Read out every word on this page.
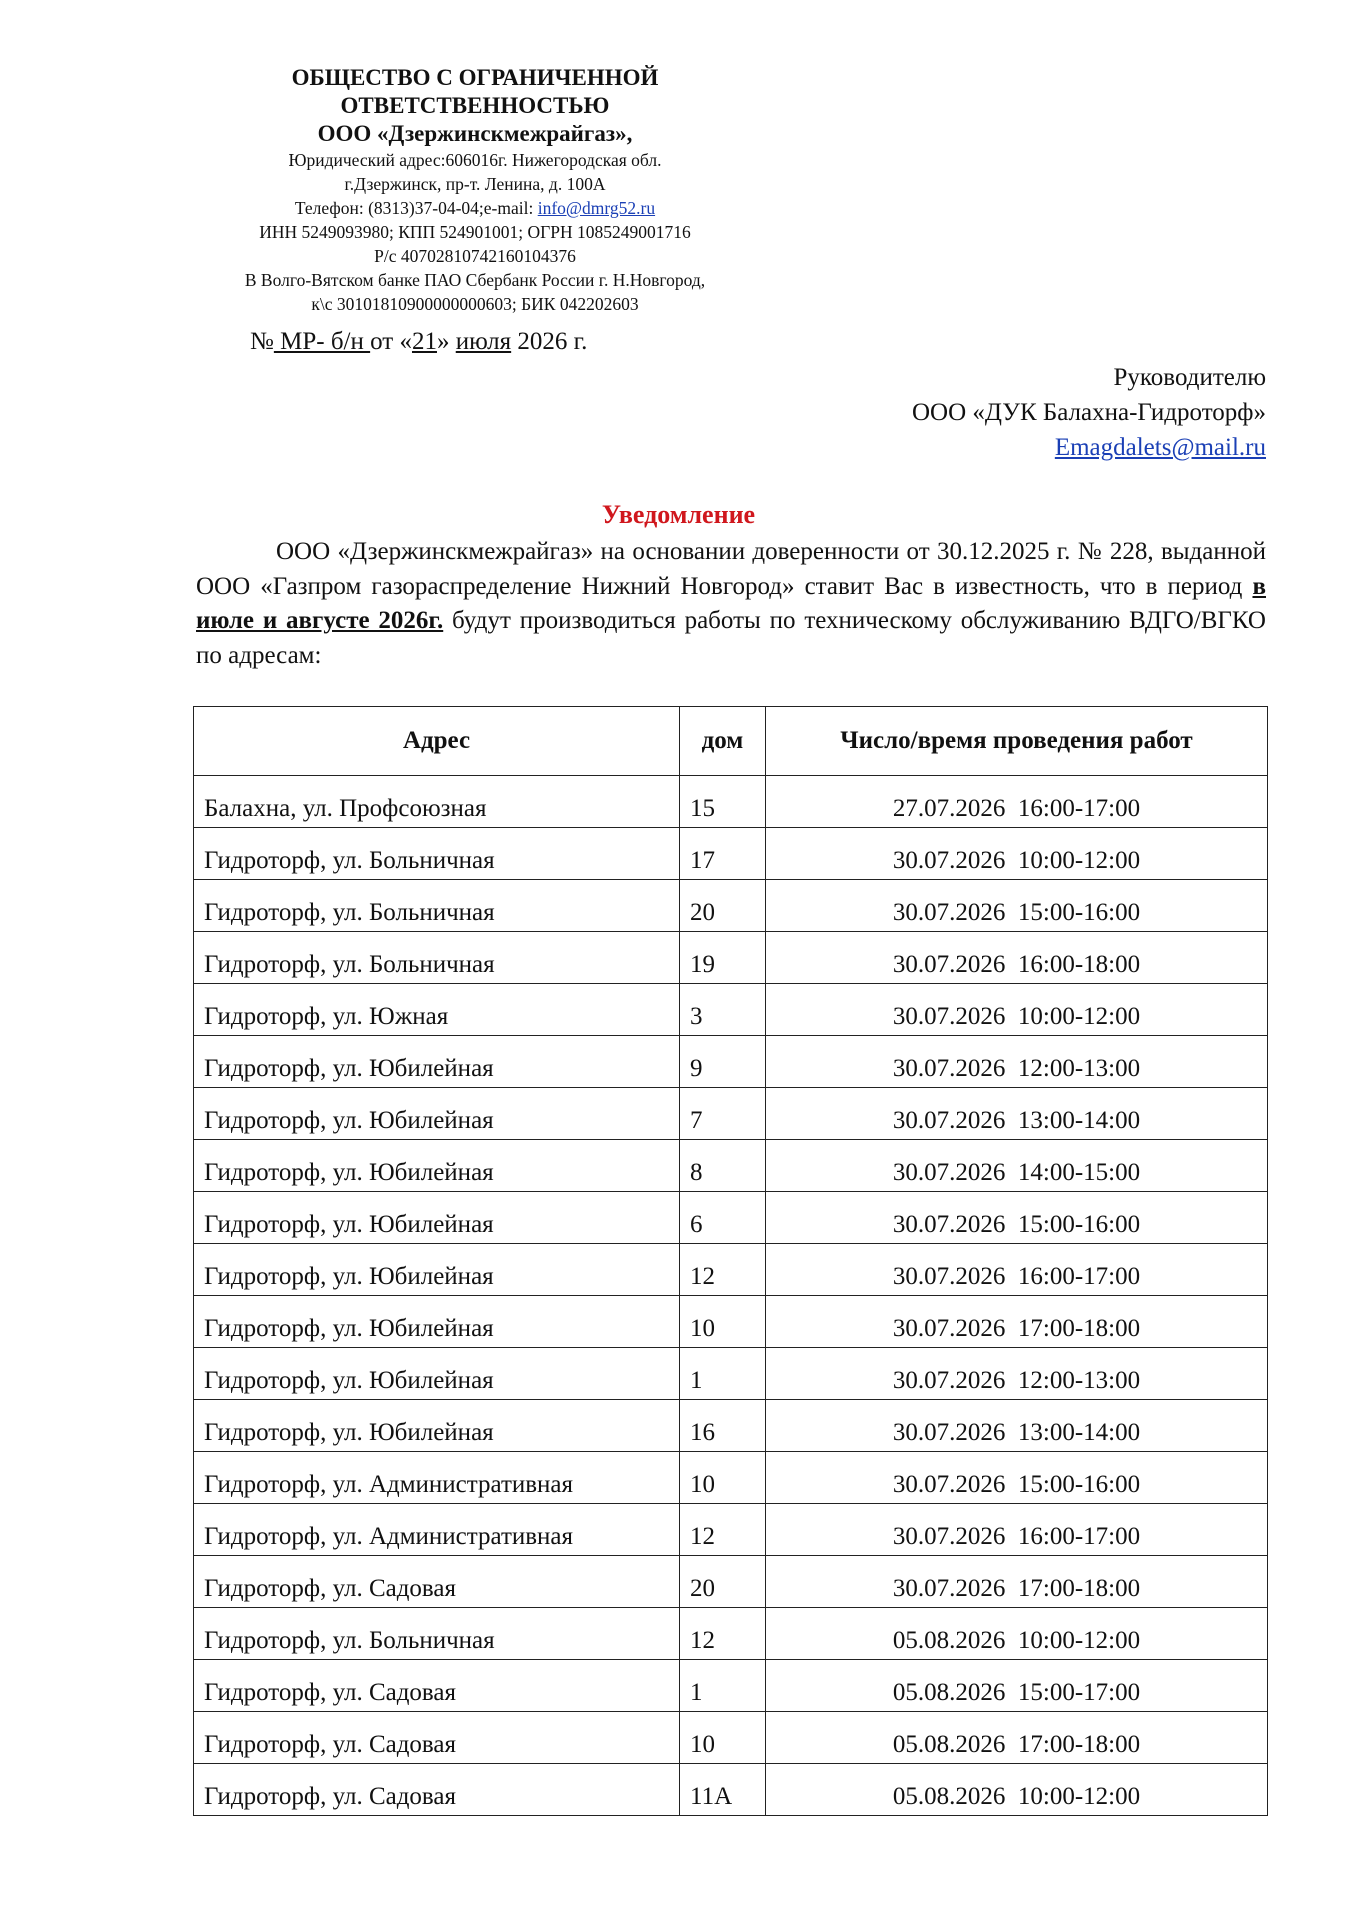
ОБЩЕСТВО С ОГРАНИЧЕННОЙ
ОТВЕТСТВЕННОСТЬЮ
ООО «Дзержинскмежрайгаз»,
Юридический адрес:606016г. Нижегородская обл.
г.Дзержинск, пр-т. Ленина, д. 100А
Телефон: (8313)37-04-04;e-mail: info@dmrg52.ru
ИНН 5249093980; КПП 524901001; ОГРН 1085249001716
Р/с 40702810742160104376
В Волго-Вятском банке ПАО Сбербанк России г. Н.Новгород,
к\с 30101810900000000603; БИК 042202603
№ МР- б/н от «21» июля 2026 г.
Руководителю
ООО «ДУК Балахна-Гидроторф»
Emagdalets@mail.ru
Уведомление
ООО «Дзержинскмежрайгаз» на основании доверенности от 30.12.2025 г. № 228, выданной ООО «Газпром газораспределение Нижний Новгород» ставит Вас в известность, что в период в июле и августе 2026г. будут производиться работы по техническому обслуживанию ВДГО/ВГКО по адресам:
Адрес	дом	Число/время проведения работ
Балахна, ул. Профсоюзная	15	27.07.2026  16:00-17:00
Гидроторф, ул. Больничная	17	30.07.2026  10:00-12:00
Гидроторф, ул. Больничная	20	30.07.2026  15:00-16:00
Гидроторф, ул. Больничная	19	30.07.2026  16:00-18:00
Гидроторф, ул. Южная	3	30.07.2026  10:00-12:00
Гидроторф, ул. Юбилейная	9	30.07.2026  12:00-13:00
Гидроторф, ул. Юбилейная	7	30.07.2026  13:00-14:00
Гидроторф, ул. Юбилейная	8	30.07.2026  14:00-15:00
Гидроторф, ул. Юбилейная	6	30.07.2026  15:00-16:00
Гидроторф, ул. Юбилейная	12	30.07.2026  16:00-17:00
Гидроторф, ул. Юбилейная	10	30.07.2026  17:00-18:00
Гидроторф, ул. Юбилейная	1	30.07.2026  12:00-13:00
Гидроторф, ул. Юбилейная	16	30.07.2026  13:00-14:00
Гидроторф, ул. Административная	10	30.07.2026  15:00-16:00
Гидроторф, ул. Административная	12	30.07.2026  16:00-17:00
Гидроторф, ул. Садовая	20	30.07.2026  17:00-18:00
Гидроторф, ул. Больничная	12	05.08.2026  10:00-12:00
Гидроторф, ул. Садовая	1	05.08.2026  15:00-17:00
Гидроторф, ул. Садовая	10	05.08.2026  17:00-18:00
Гидроторф, ул. Садовая	11А	05.08.2026  10:00-12:00
